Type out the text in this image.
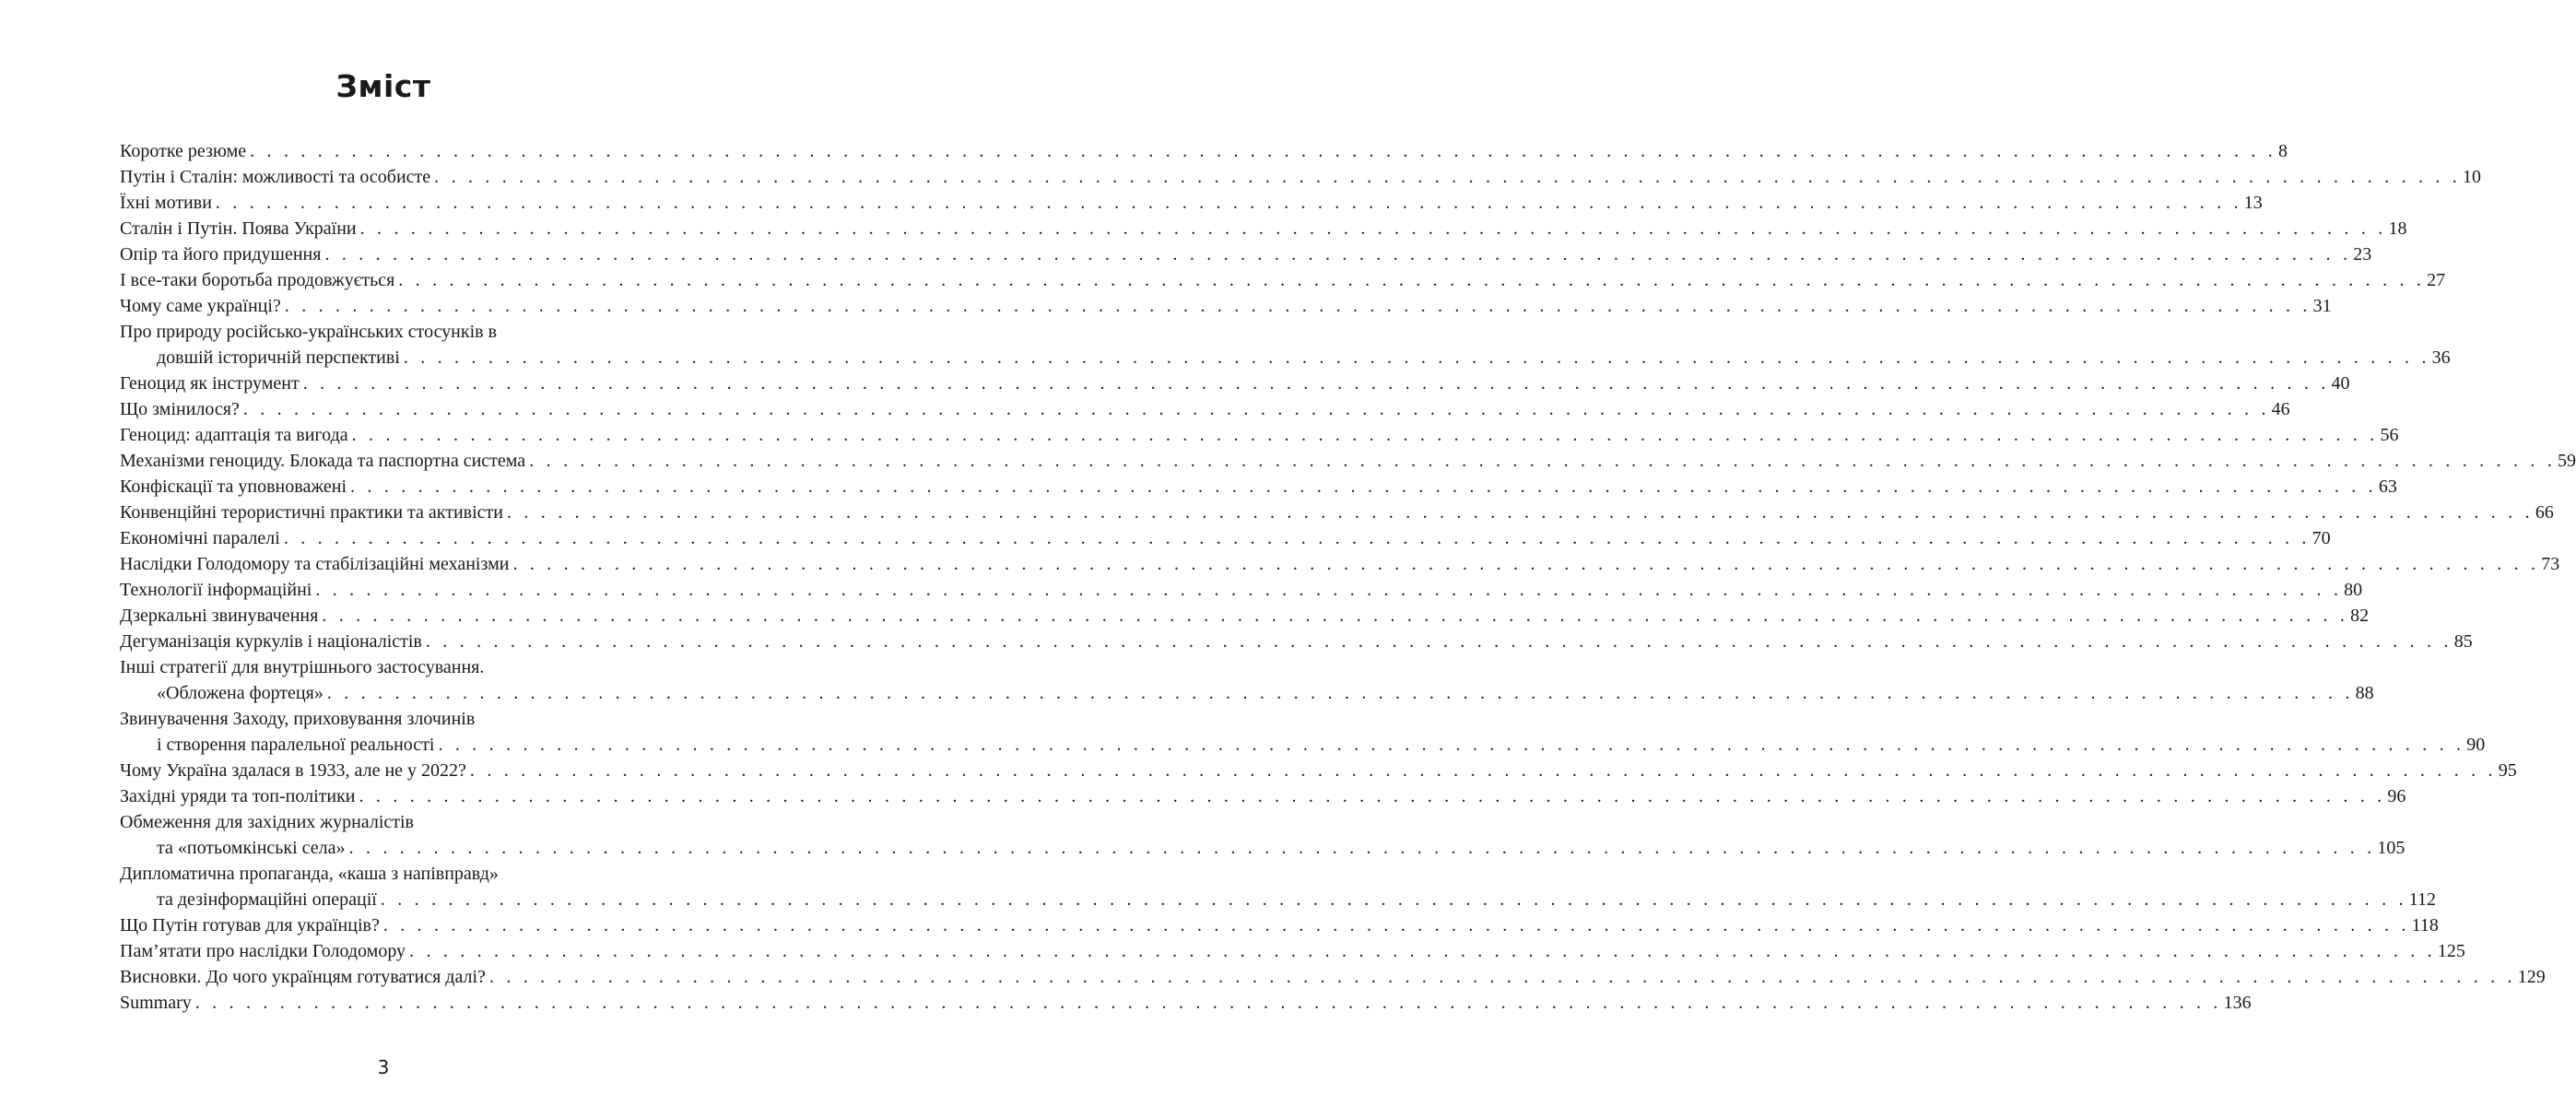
Зміст
Коротке резюме . . . . . . . . . . . . . . . . . . . . . . . . . . . . . . . . . . . . . . . . . . . . . . . . . . . . . . . . . . . . . . . . . . . . . . . . . . . . . . . . . . . . . . . . . . . . . . . . . . . . . . . . . . . . . . . . . . . . . . . . 8
Путін і Сталін: можливості та особисте . . . . . . . . . . . . . . . . . . . . . . . . . . . . . . . . . . . . . . . . . . . . . . . . . . . . . . . . . . . . . . . . . . . . . . . . . . . . . . . . . . . . . . . . . . . . . . . . . . . . . . . . . . . . . . . . . . . . . . . . 10
Їхні мотиви . . . . . . . . . . . . . . . . . . . . . . . . . . . . . . . . . . . . . . . . . . . . . . . . . . . . . . . . . . . . . . . . . . . . . . . . . . . . . . . . . . . . . . . . . . . . . . . . . . . . . . . . . . . . . . . . . . . . . . . . 13
Сталін і Путін. Поява України . . . . . . . . . . . . . . . . . . . . . . . . . . . . . . . . . . . . . . . . . . . . . . . . . . . . . . . . . . . . . . . . . . . . . . . . . . . . . . . . . . . . . . . . . . . . . . . . . . . . . . . . . . . . . . . . . . . . . . . . 18
Опір та його придушення . . . . . . . . . . . . . . . . . . . . . . . . . . . . . . . . . . . . . . . . . . . . . . . . . . . . . . . . . . . . . . . . . . . . . . . . . . . . . . . . . . . . . . . . . . . . . . . . . . . . . . . . . . . . . . . . . . . . . . . . 23
І все-таки боротьба продовжується . . . . . . . . . . . . . . . . . . . . . . . . . . . . . . . . . . . . . . . . . . . . . . . . . . . . . . . . . . . . . . . . . . . . . . . . . . . . . . . . . . . . . . . . . . . . . . . . . . . . . . . . . . . . . . . . . . . . . . . . 27
Чому саме українці? . . . . . . . . . . . . . . . . . . . . . . . . . . . . . . . . . . . . . . . . . . . . . . . . . . . . . . . . . . . . . . . . . . . . . . . . . . . . . . . . . . . . . . . . . . . . . . . . . . . . . . . . . . . . . . . . . . . . . . . . 31
Про природу російсько-українських стосунків в
довшій історичній перспективі . . . . . . . . . . . . . . . . . . . . . . . . . . . . . . . . . . . . . . . . . . . . . . . . . . . . . . . . . . . . . . . . . . . . . . . . . . . . . . . . . . . . . . . . . . . . . . . . . . . . . . . . . . . . . . . . . . . . . . . . 36
Геноцид як інструмент . . . . . . . . . . . . . . . . . . . . . . . . . . . . . . . . . . . . . . . . . . . . . . . . . . . . . . . . . . . . . . . . . . . . . . . . . . . . . . . . . . . . . . . . . . . . . . . . . . . . . . . . . . . . . . . . . . . . . . . . 40
Що змінилося? . . . . . . . . . . . . . . . . . . . . . . . . . . . . . . . . . . . . . . . . . . . . . . . . . . . . . . . . . . . . . . . . . . . . . . . . . . . . . . . . . . . . . . . . . . . . . . . . . . . . . . . . . . . . . . . . . . . . . . . . 46
Геноцид: адаптація та вигода . . . . . . . . . . . . . . . . . . . . . . . . . . . . . . . . . . . . . . . . . . . . . . . . . . . . . . . . . . . . . . . . . . . . . . . . . . . . . . . . . . . . . . . . . . . . . . . . . . . . . . . . . . . . . . . . . . . . . . . . 56
Механізми геноциду. Блокада та паспортна система . . . . . . . . . . . . . . . . . . . . . . . . . . . . . . . . . . . . . . . . . . . . . . . . . . . . . . . . . . . . . . . . . . . . . . . . . . . . . . . . . . . . . . . . . . . . . . . . . . . . . . . . . . . . . . . . . . . . . . . . 59
Конфіскації та уповноважені . . . . . . . . . . . . . . . . . . . . . . . . . . . . . . . . . . . . . . . . . . . . . . . . . . . . . . . . . . . . . . . . . . . . . . . . . . . . . . . . . . . . . . . . . . . . . . . . . . . . . . . . . . . . . . . . . . . . . . . . 63
Конвенційні терористичні практики та активісти . . . . . . . . . . . . . . . . . . . . . . . . . . . . . . . . . . . . . . . . . . . . . . . . . . . . . . . . . . . . . . . . . . . . . . . . . . . . . . . . . . . . . . . . . . . . . . . . . . . . . . . . . . . . . . . . . . . . . . . . 66
Економічні паралелі . . . . . . . . . . . . . . . . . . . . . . . . . . . . . . . . . . . . . . . . . . . . . . . . . . . . . . . . . . . . . . . . . . . . . . . . . . . . . . . . . . . . . . . . . . . . . . . . . . . . . . . . . . . . . . . . . . . . . . . . 70
Наслідки Голодомору та стабілізаційні механізми . . . . . . . . . . . . . . . . . . . . . . . . . . . . . . . . . . . . . . . . . . . . . . . . . . . . . . . . . . . . . . . . . . . . . . . . . . . . . . . . . . . . . . . . . . . . . . . . . . . . . . . . . . . . . . . . . . . . . . . . 73
Технології інформаційні . . . . . . . . . . . . . . . . . . . . . . . . . . . . . . . . . . . . . . . . . . . . . . . . . . . . . . . . . . . . . . . . . . . . . . . . . . . . . . . . . . . . . . . . . . . . . . . . . . . . . . . . . . . . . . . . . . . . . . . . 80
Дзеркальні звинувачення . . . . . . . . . . . . . . . . . . . . . . . . . . . . . . . . . . . . . . . . . . . . . . . . . . . . . . . . . . . . . . . . . . . . . . . . . . . . . . . . . . . . . . . . . . . . . . . . . . . . . . . . . . . . . . . . . . . . . . . . 82
Дегуманізація куркулів і націоналістів . . . . . . . . . . . . . . . . . . . . . . . . . . . . . . . . . . . . . . . . . . . . . . . . . . . . . . . . . . . . . . . . . . . . . . . . . . . . . . . . . . . . . . . . . . . . . . . . . . . . . . . . . . . . . . . . . . . . . . . . 85
Інші стратегії для внутрішнього застосування.
«Обложена фортеця» . . . . . . . . . . . . . . . . . . . . . . . . . . . . . . . . . . . . . . . . . . . . . . . . . . . . . . . . . . . . . . . . . . . . . . . . . . . . . . . . . . . . . . . . . . . . . . . . . . . . . . . . . . . . . . . . . . . . . . . . 88
Звинувачення Заходу, приховування злочинів
і створення паралельної реальності . . . . . . . . . . . . . . . . . . . . . . . . . . . . . . . . . . . . . . . . . . . . . . . . . . . . . . . . . . . . . . . . . . . . . . . . . . . . . . . . . . . . . . . . . . . . . . . . . . . . . . . . . . . . . . . . . . . . . . . . 90
Чому Україна здалася в 1933, але не у 2022? . . . . . . . . . . . . . . . . . . . . . . . . . . . . . . . . . . . . . . . . . . . . . . . . . . . . . . . . . . . . . . . . . . . . . . . . . . . . . . . . . . . . . . . . . . . . . . . . . . . . . . . . . . . . . . . . . . . . . . . . 95
Західні уряди та топ-політики . . . . . . . . . . . . . . . . . . . . . . . . . . . . . . . . . . . . . . . . . . . . . . . . . . . . . . . . . . . . . . . . . . . . . . . . . . . . . . . . . . . . . . . . . . . . . . . . . . . . . . . . . . . . . . . . . . . . . . . . 96
Обмеження для західних журналістів
та «потьомкінські села» . . . . . . . . . . . . . . . . . . . . . . . . . . . . . . . . . . . . . . . . . . . . . . . . . . . . . . . . . . . . . . . . . . . . . . . . . . . . . . . . . . . . . . . . . . . . . . . . . . . . . . . . . . . . . . . . . . . . . . . . 105
Дипломатична пропаганда, «каша з напівправд»
та дезінформаційні операції . . . . . . . . . . . . . . . . . . . . . . . . . . . . . . . . . . . . . . . . . . . . . . . . . . . . . . . . . . . . . . . . . . . . . . . . . . . . . . . . . . . . . . . . . . . . . . . . . . . . . . . . . . . . . . . . . . . . . . . . 112
Що Путін готував для українців? . . . . . . . . . . . . . . . . . . . . . . . . . . . . . . . . . . . . . . . . . . . . . . . . . . . . . . . . . . . . . . . . . . . . . . . . . . . . . . . . . . . . . . . . . . . . . . . . . . . . . . . . . . . . . . . . . . . . . . . . 118
Пам’ятати про наслідки Голодомору . . . . . . . . . . . . . . . . . . . . . . . . . . . . . . . . . . . . . . . . . . . . . . . . . . . . . . . . . . . . . . . . . . . . . . . . . . . . . . . . . . . . . . . . . . . . . . . . . . . . . . . . . . . . . . . . . . . . . . . . 125
Висновки. До чого українцям готуватися далі? . . . . . . . . . . . . . . . . . . . . . . . . . . . . . . . . . . . . . . . . . . . . . . . . . . . . . . . . . . . . . . . . . . . . . . . . . . . . . . . . . . . . . . . . . . . . . . . . . . . . . . . . . . . . . . . . . . . . . . . . 129
Summary . . . . . . . . . . . . . . . . . . . . . . . . . . . . . . . . . . . . . . . . . . . . . . . . . . . . . . . . . . . . . . . . . . . . . . . . . . . . . . . . . . . . . . . . . . . . . . . . . . . . . . . . . . . . . . . . . . . . . . . . 136
3
